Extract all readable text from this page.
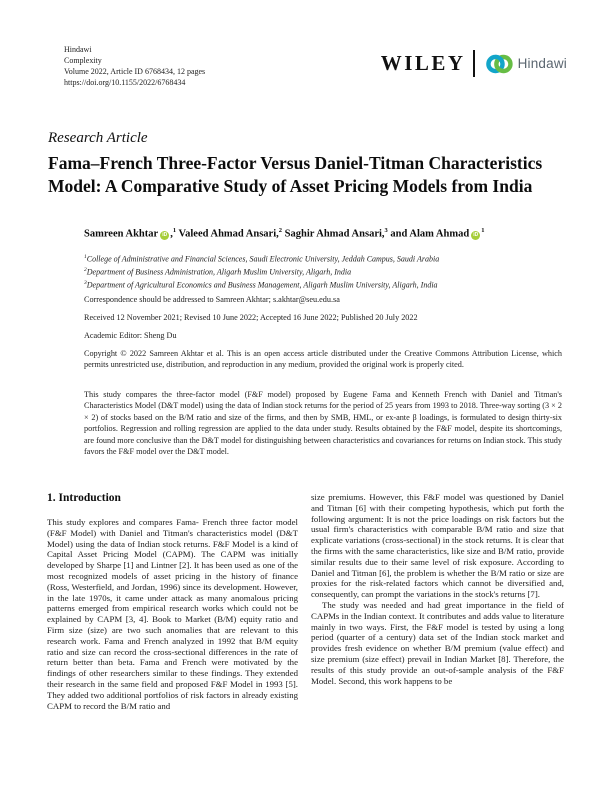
Hindawi
Complexity
Volume 2022, Article ID 6768434, 12 pages
https://doi.org/10.1155/2022/6768434
WILEY	Hindawi
Research Article
Fama–French Three-Factor Versus Daniel-Titman Characteristics Model: A Comparative Study of Asset Pricing Models from India
Samreen Akhtar iD ,$^1$ Valeed Ahmad Ansari,$^2$ Saghir Ahmad Ansari,$^3$ and Alam Ahmad $iD^1$
$^1$College of Administrative and Financial Sciences, Saudi Electronic University, Jeddah Campus, Saudi Arabia
$^2$Department of Business Administration, Aligarh Muslim University, Aligarh, India
$^3$Department of Agricultural Economics and Business Management, Aligarh Muslim University, Aligarh, India
Correspondence should be addressed to Samreen Akhtar; s.akhtar@seu.edu.sa
Received 12 November 2021; Revised 10 June 2022; Accepted 16 June 2022; Published 20 July 2022
Academic Editor: Sheng Du

Copyright © 2022 Samreen Akhtar et al. This is an open access article distributed under the Creative Commons Attribution License, which permits unrestricted use, distribution, and reproduction in any medium, provided the original work is properly cited.

This study compares the three-factor model (F&F model) proposed by Eugene Fama and Kenneth French with Daniel and Titman's Characteristics Model (D&T model) using the data of Indian stock returns for the period of 25 years from 1993 to 2018. Three-way sorting (3 × 2 × 2) of stocks based on the B/M ratio and size of the firms, and then by SMB, HML, or ex-ante β loadings, is formulated to design thirty-six portfolios. Regression and rolling regression are applied to the data under study. Results obtained by the F&F model, despite its shortcomings, are found more conclusive than the D&T model for distinguishing between characteristics and covariances for returns on Indian stock. This study favors the F&F model over the D&T model.

1. Introduction

This study explores and compares Fama- French three factor model (F&F Model) with Daniel and Titman's characteristics model (D&T Model) using the data of Indian stock returns. F&F Model is a kind of Capital Asset Pricing Model (CAPM). The CAPM was initially developed by Sharpe [1] and Lintner [2]. It has been used as one of the most recognized models of asset pricing in the history of finance (Ross, Westerfield, and Jordan, 1996) since its development. However, in the late 1970s, it came under attack as many anomalous pricing patterns emerged from empirical research works which could not be explained by CAPM [3, 4]. Book to Market (B/M) equity ratio and Firm size (size) are two such anomalies that are relevant to this research work. Fama and French analyzed in 1992 that B/M equity ratio and size can record the cross-sectional differences in the rate of return better than beta. Fama and French were motivated by the findings of other researchers similar to these findings. They extended their research in the same field and proposed F&F Model in 1993 [5]. They added two additional portfolios of risk factors in already existing CAPM to record the B/M ratio and

size premiums. However, this F&F model was questioned by Daniel and Titman [6] with their competing hypothesis, which put forth the following argument: It is not the price loadings on risk factors but the usual firm's characteristics with comparable B/M ratio and size that explicate variations (cross-sectional) in the stock returns. It is clear that the firms with the same characteristics, like size and B/M ratio, provide similar results due to their same level of risk exposure. According to Daniel and Titman [6], the problem is whether the B/M ratio or size are proxies for the risk-related factors which cannot be diversified and, consequently, can prompt the variations in the stock's returns [7].

The study was needed and had great importance in the field of CAPMs in the Indian context. It contributes and adds value to literature mainly in two ways. First, the F&F model is tested by using a long period (quarter of a century) data set of the Indian stock market and provides fresh evidence on whether B/M premium (value effect) and size premium (size effect) prevail in Indian Market [8]. Therefore, the results of this study provide an out-of-sample analysis of the F&F Model. Second, this work happens to be
